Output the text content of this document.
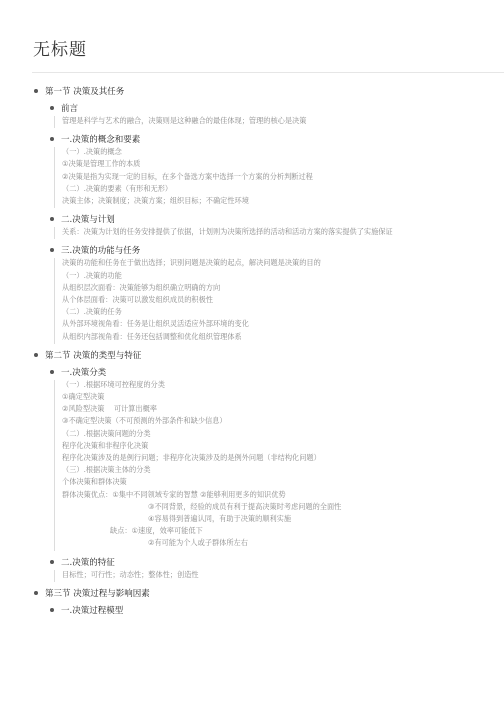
无标题
第一节 决策及其任务
前言
管理是科学与艺术的融合，决策则是这种融合的最佳体现；管理的核心是决策
一.决策的概念和要素
（一）.决策的概念
①决策是管理工作的本质
②决策是指为实现一定的目标，在多个备选方案中选择一个方案的分析判断过程
（二）.决策的要素（有形和无形）
决策主体；决策制度；决策方案；组织目标；不确定性环境
二.决策与计划
关系：决策为计划的任务安排提供了依据，计划则为决策所选择的活动和活动方案的落实提供了实施保证
三.决策的功能与任务
决策的功能和任务在于做出选择；识别问题是决策的起点，解决问题是决策的目的
（一）.决策的功能
从组织层次面看：决策能够为组织确立明确的方向
从个体层面看：决策可以激发组织成员的积极性
（二）.决策的任务
从外部环境视角看：任务是让组织灵活适应外部环境的变化
从组织内部视角看：任务还包括调整和优化组织管理体系
第二节 决策的类型与特征
一.决策分类
（一）.根据环境可控程度的分类
①确定型决策
②风险型决策　 可计算出概率
③不确定型决策（不可预测的外部条件和缺少信息）
（二）.根据决策问题的分类
程序化决策和非程序化决策
程序化决策涉及的是例行问题；非程序化决策涉及的是例外问题（非结构化问题）
（三）.根据决策主体的分类
个体决策和群体决策
群体决策优点：①集中不同领域专家的智慧 ②能够利用更多的知识优势
③不同背景，经验的成员有利于提高决策时考虑问题的全面性
④容易得到普遍认同，有助于决策的顺利实施
缺点：①速度，效率可能低下
②有可能为个人或子群体所左右
二.决策的特征
目标性；可行性；动态性；整体性；创造性
第三节 决策过程与影响因素
一.决策过程模型
